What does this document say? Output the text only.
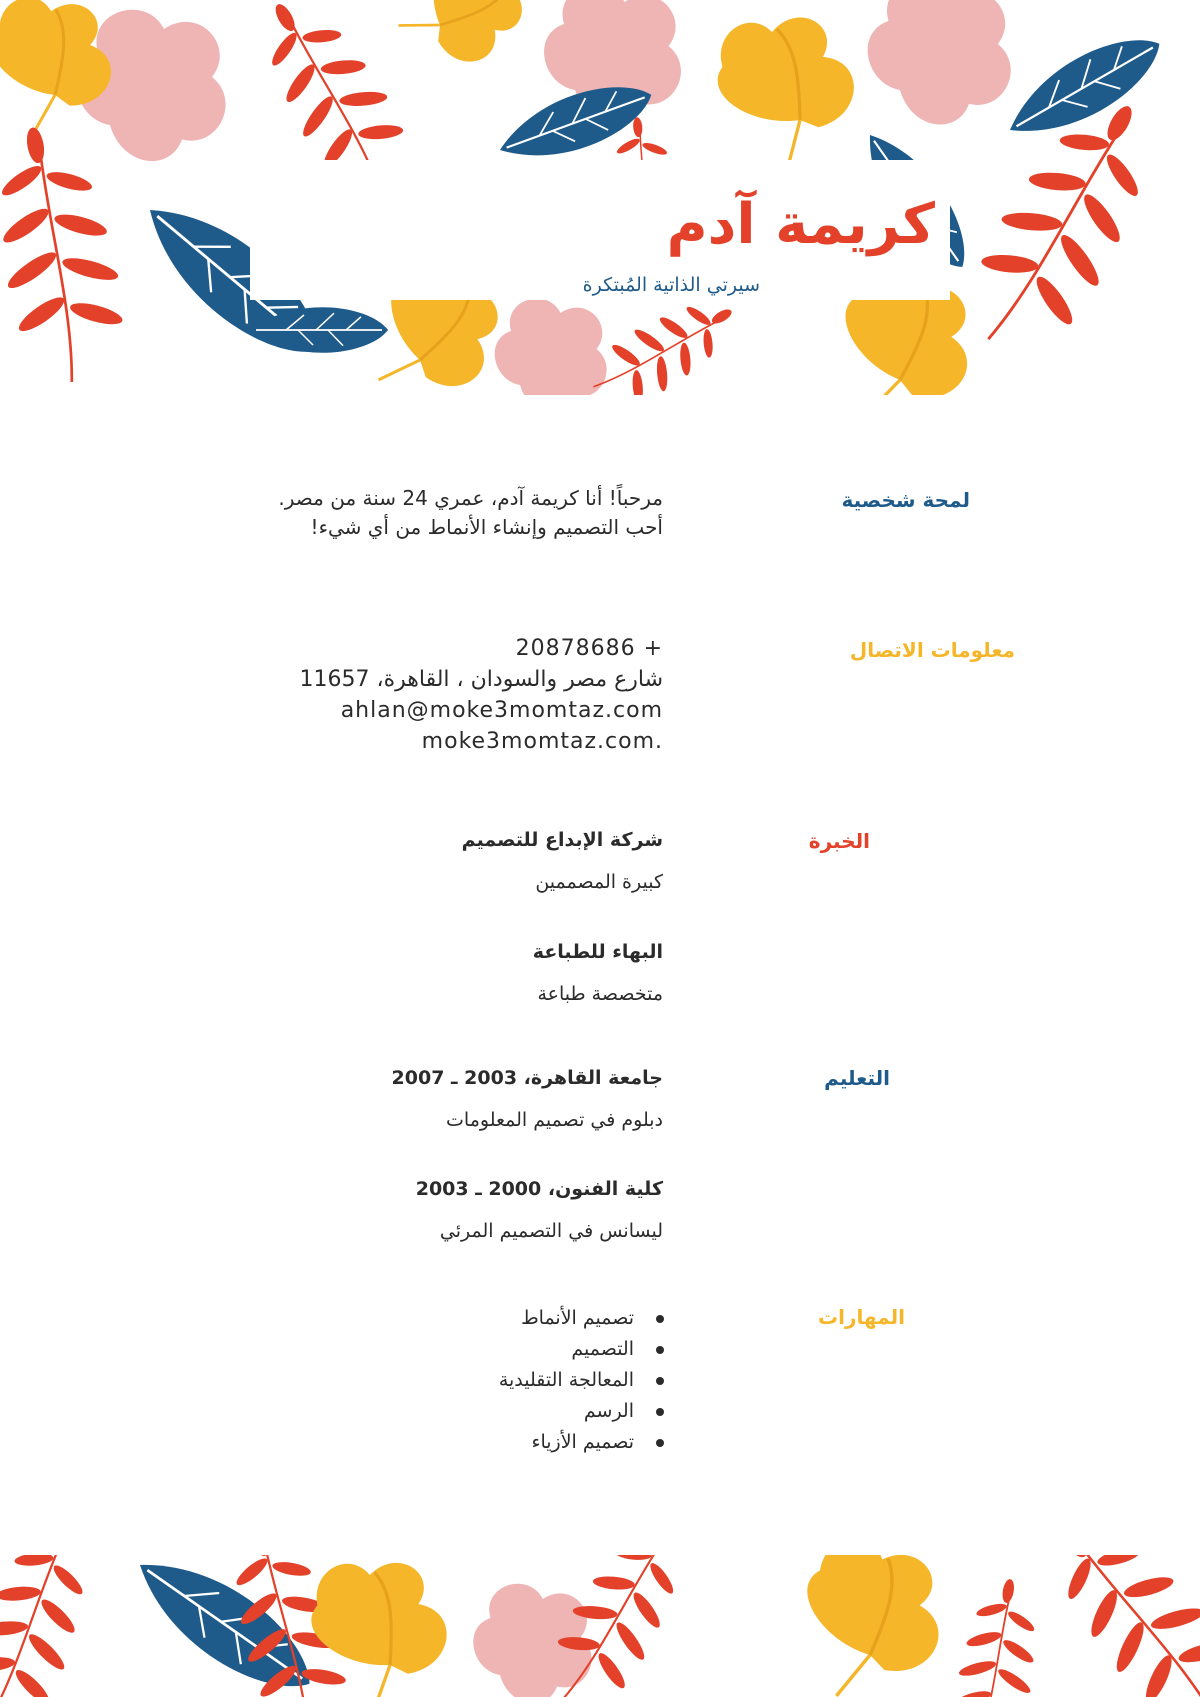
كريمة آدم
سيرتي الذاتية المُبتكرة
لمحة شخصية
مرحباً! أنا كريمة آدم، عمري 24 سنة من مصر.
أحب التصميم وإنشاء الأنماط من أي شيء!
معلومات الاتصال
20878686 +
شارع مصر والسودان ، القاهرة، 11657
ahlan@moke3momtaz.com
moke3momtaz.com.
الخبرة
شركة الإبداع للتصميم
كبيرة المصممين
البهاء للطباعة
متخصصة طباعة
التعليم
جامعة القاهرة، 2003 ـ 2007
دبلوم في تصميم المعلومات
كلية الفنون، 2000 ـ 2003
ليسانس في التصميم المرئي
المهارات
تصميم الأنماط
التصميم
المعالجة التقليدية
الرسم
تصميم الأزياء
